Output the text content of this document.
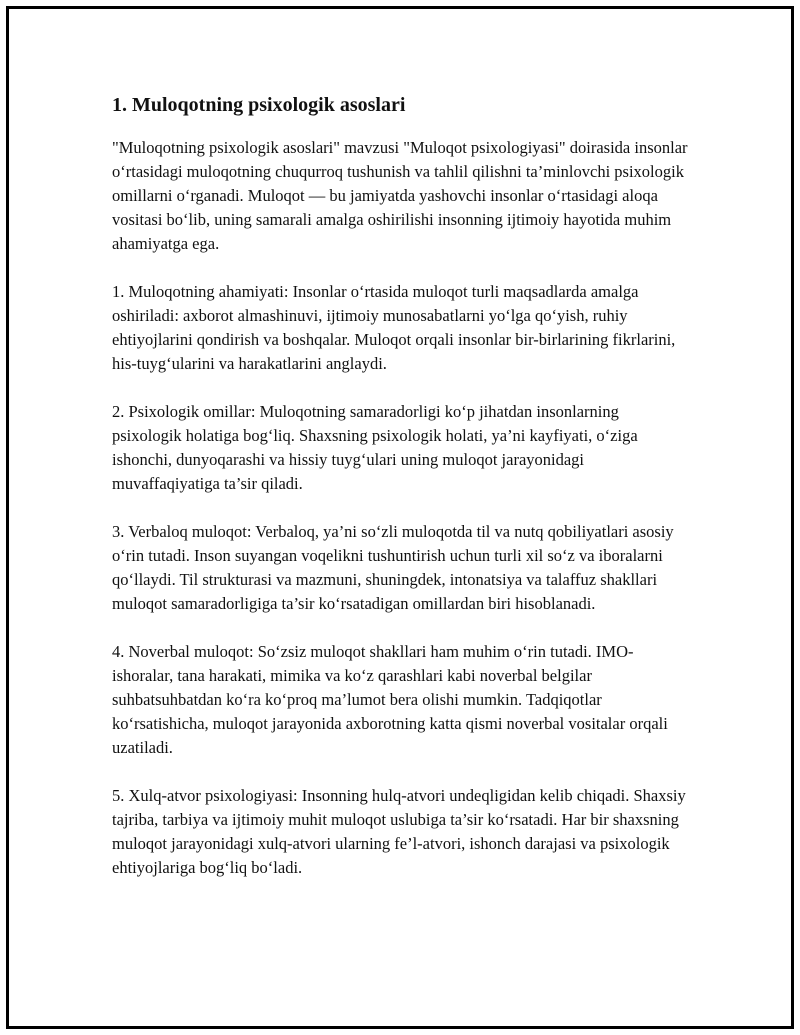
1. Muloqotning psixologik asoslari

"Muloqotning psixologik asoslari" mavzusi "Muloqot psixologiyasi" doirasida insonlar o‘rtasidagi muloqotning chuqurroq tushunish va tahlil qilishni ta’minlovchi psixologik omillarni o‘rganadi. Muloqot — bu jamiyatda yashovchi insonlar o‘rtasidagi aloqa vositasi bo‘lib, uning samarali amalga oshirilishi insonning ijtimoiy hayotida muhim ahamiyatga ega.

1. Muloqotning ahamiyati: Insonlar o‘rtasida muloqot turli maqsadlarda amalga oshiriladi: axborot almashinuvi, ijtimoiy munosabatlarni yo‘lga qo‘yish, ruhiy ehtiyojlarini qondirish va boshqalar. Muloqot orqali insonlar bir-birlarining fikrlarini, his-tuyg‘ularini va harakatlarini anglaydi.

2. Psixologik omillar: Muloqotning samaradorligi ko‘p jihatdan insonlarning psixologik holatiga bog‘liq. Shaxsning psixologik holati, ya’ni kayfiyati, o‘ziga ishonchi, dunyoqarashi va hissiy tuyg‘ulari uning muloqot jarayonidagi muvaffaqiyatiga ta’sir qiladi.

3. Verbaloq muloqot: Verbaloq, ya’ni so‘zli muloqotda til va nutq qobiliyatlari asosiy o‘rin tutadi. Inson suyangan voqelikni tushuntirish uchun turli xil so‘z va iboralarni qo‘llaydi. Til strukturasi va mazmuni, shuningdek, intonatsiya va talaffuz shakllari muloqot samaradorligiga ta’sir ko‘rsatadigan omillardan biri hisoblanadi.

4. Noverbal muloqot: So‘zsiz muloqot shakllari ham muhim o‘rin tutadi. IMO-ishoralar, tana harakati, mimika va ko‘z qarashlari kabi noverbal belgilar suhbatsuhbatdan ko‘ra ko‘proq ma’lumot bera olishi mumkin. Tadqiqotlar ko‘rsatishicha, muloqot jarayonida axborotning katta qismi noverbal vositalar orqali uzatiladi.

5. Xulq-atvor psixologiyasi: Insonning hulq-atvori undeqligidan kelib chiqadi. Shaxsiy tajriba, tarbiya va ijtimoiy muhit muloqot uslubiga ta’sir ko‘rsatadi. Har bir shaxsning muloqot jarayonidagi xulq-atvori ularning fe’l-atvori, ishonch darajasi va psixologik ehtiyojlariga bog‘liq bo‘ladi.
